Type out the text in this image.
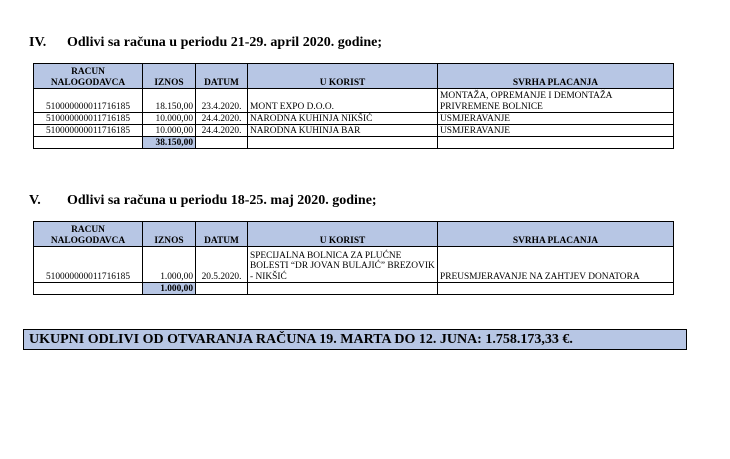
IV. Odlivi sa računa u periodu 21-29. april 2020. godine;
RACUN NALOGODAVCA	IZNOS	DATUM	U KORIST	SVRHA PLACANJA
510000000011716185	18.150,00	23.4.2020.	MONT EXPO D.O.O.	MONTAŽA, OPREMANJE I DEMONTAŽA PRIVREMENE BOLNICE
510000000011716185	10.000,00	24.4.2020.	NARODNA KUHINJA NIKŠIĆ	USMJERAVANJE
510000000011716185	10.000,00	24.4.2020.	NARODNA KUHINJA BAR	USMJERAVANJE
	38.150,00			
V. Odlivi sa računa u periodu 18-25. maj 2020. godine;
RACUN NALOGODAVCA	IZNOS	DATUM	U KORIST	SVRHA PLACANJA
510000000011716185	1.000,00	20.5.2020.	SPECIJALNA BOLNICA ZA PLUĆNE BOLESTI “DR JOVAN BULAJIĆ” BREZOVIK - NIKŠIĆ	PREUSMJERAVANJE NA ZAHTJEV DONATORA
	1.000,00			
UKUPNI ODLIVI OD OTVARANJA RAČUNA 19. MARTA DO 12. JUNA: 1.758.173,33 €.
